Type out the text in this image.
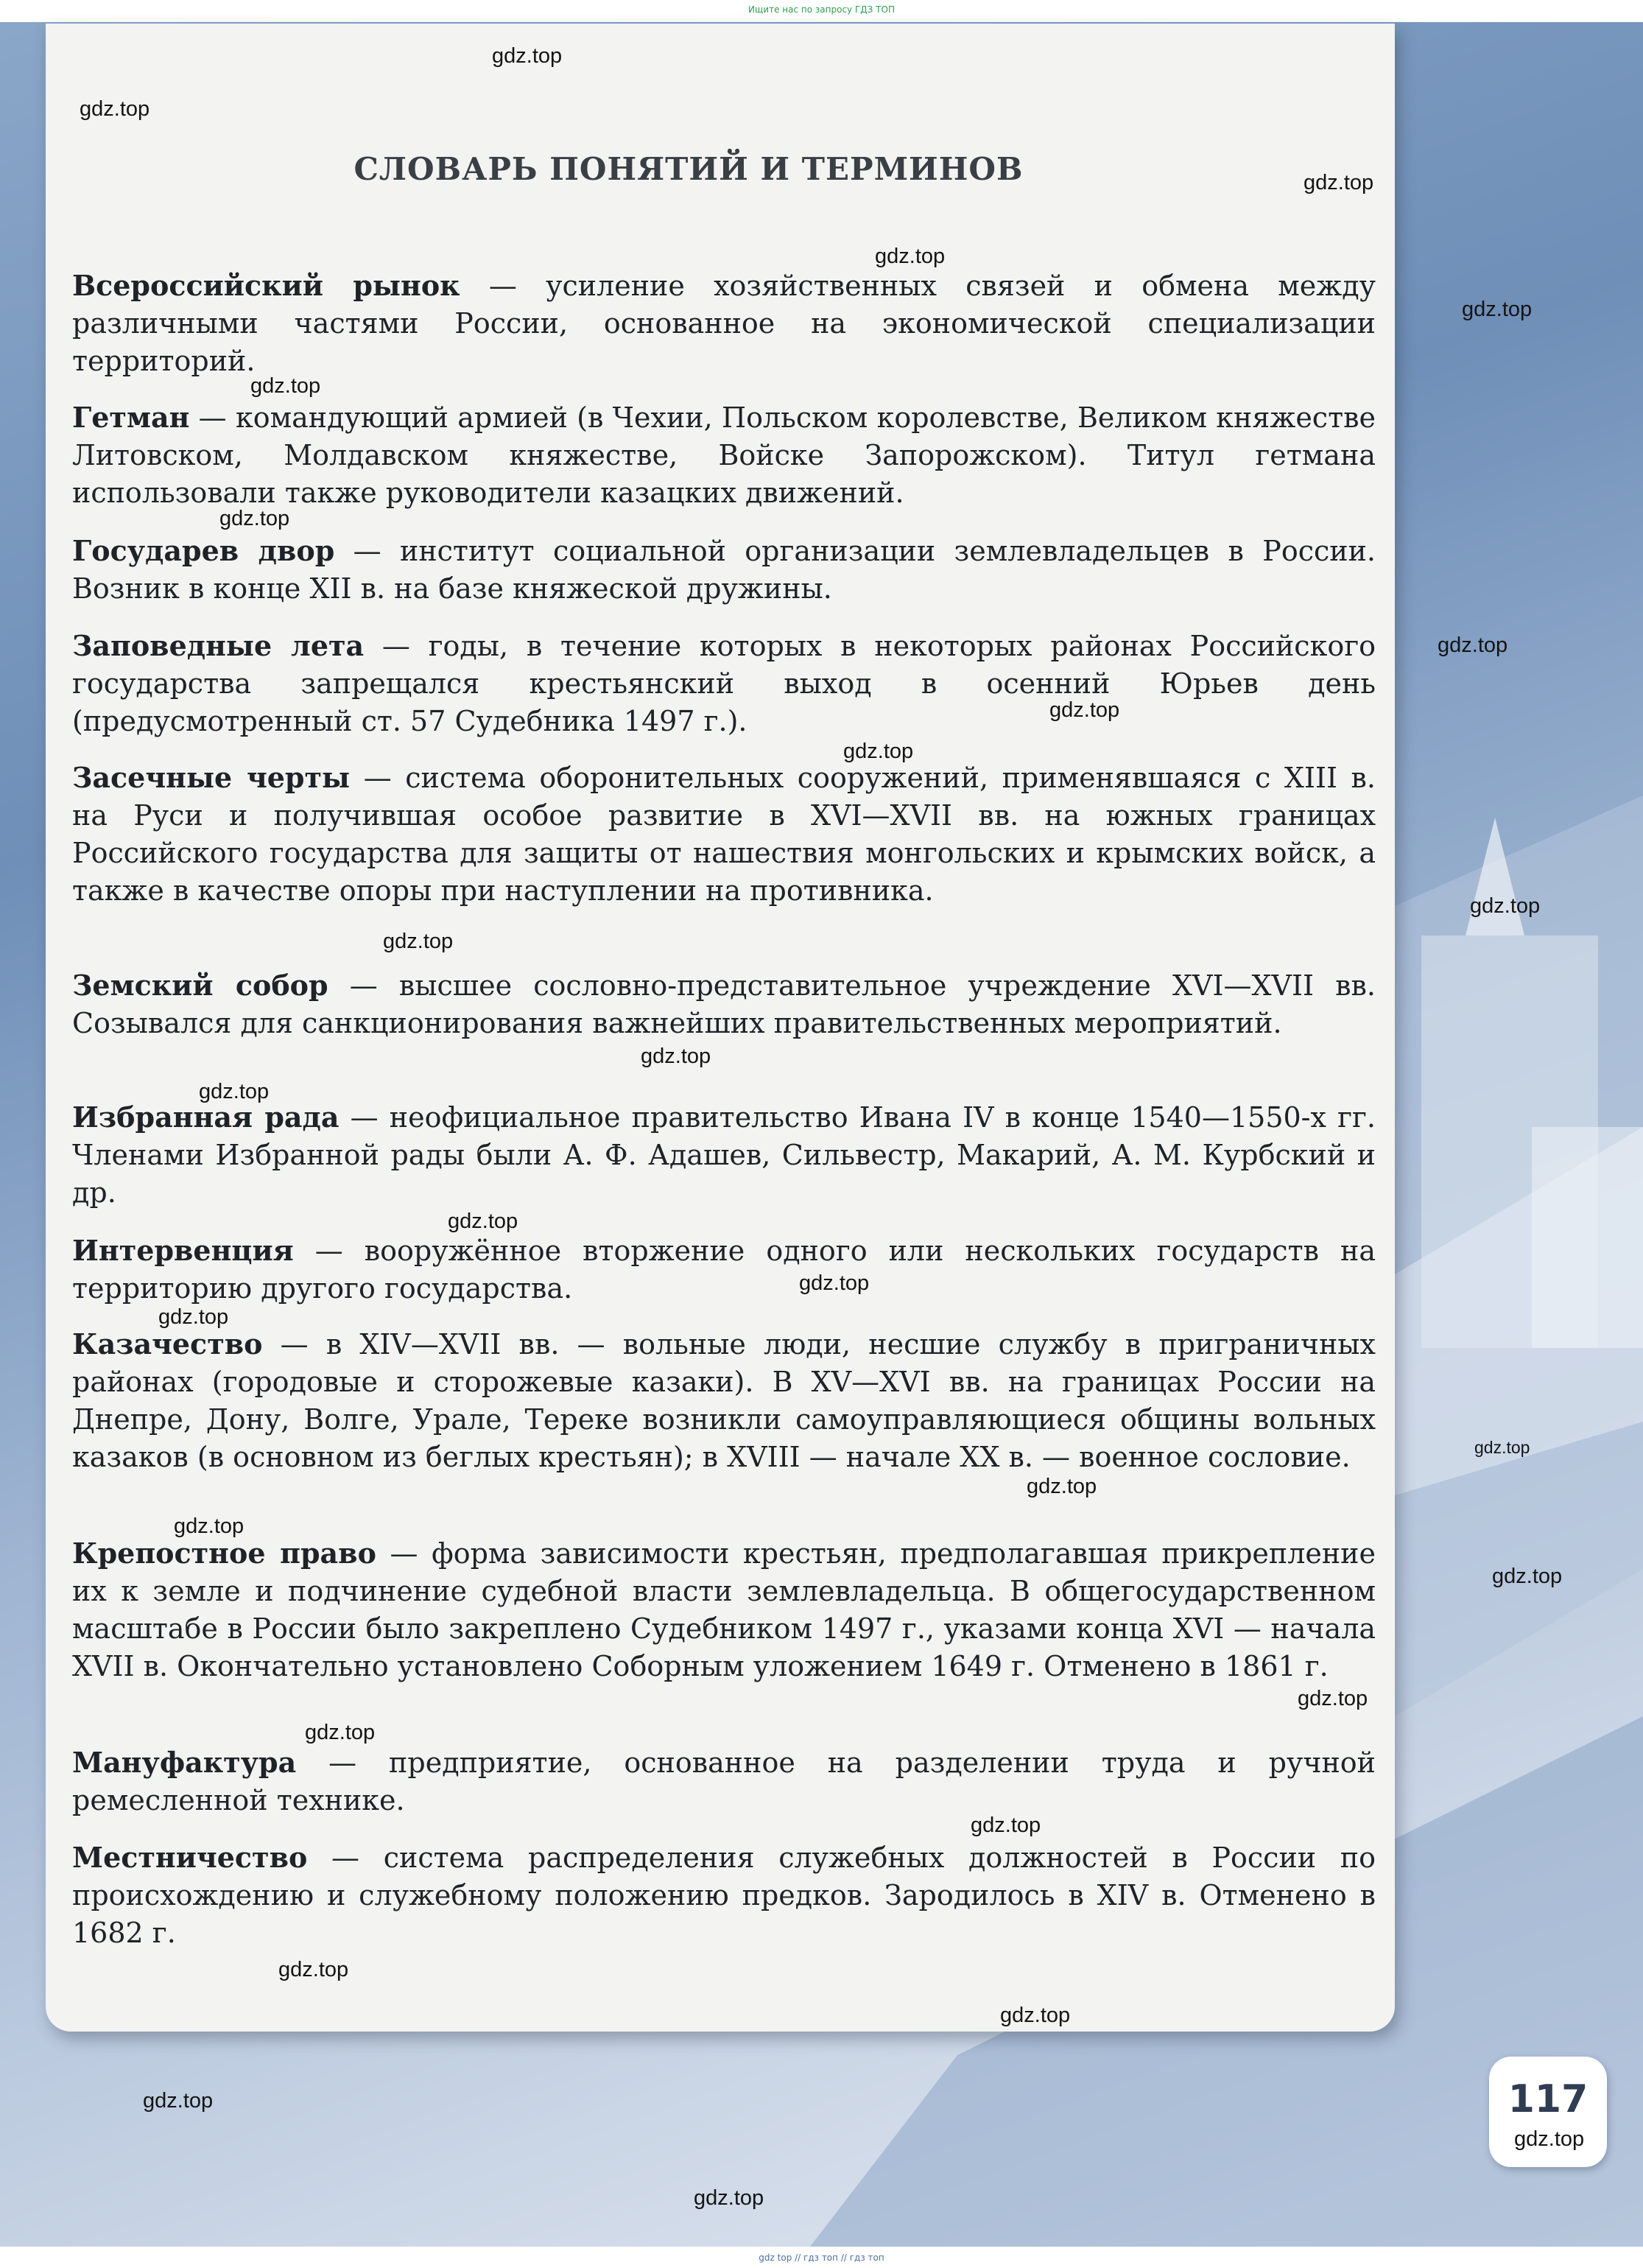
Ищите нас по запросу ГДЗ ТОП
СЛОВАРЬ ПОНЯТИЙ И ТЕРМИНОВ

Всероссийский рынок — усиление хозяйственных связей и обмена между различными частями России, основанное на экономической специализации территорий.

Гетман — командующий армией (в Чехии, Польском королевстве, Великом княжестве Литовском, Молдавском княжестве, Войске Запорожском). Титул гетмана использовали также руководители казацких движений.

Государев двор — институт социальной организации землевладельцев в России. Возник в конце XII в. на базе княжеской дружины.

Заповедные лета — годы, в течение которых в некоторых районах Российского государства запрещался крестьянский выход в осенний Юрьев день (предусмотренный ст. 57 Судебника 1497 г.).

Засечные черты — система оборонительных сооружений, применявшаяся с XIII в. на Руси и получившая особое развитие в XVI—XVII вв. на южных границах Российского государства для защиты от нашествия монгольских и крымских войск, а также в качестве опоры при наступлении на противника.

Земский собор — высшее сословно-представительное учреждение XVI—XVII вв. Созывался для санкционирования важнейших правительственных мероприятий.

Избранная рада — неофициальное правительство Ивана IV в конце 1540—1550-х гг. Членами Избранной рады были А. Ф. Адашев, Сильвестр, Макарий, А. М. Курбский и др.

Интервенция — вооружённое вторжение одного или нескольких государств на территорию другого государства.

Казачество — в XIV—XVII вв. — вольные люди, несшие службу в приграничных районах (городовые и сторожевые казаки). В XV—XVI вв. на границах России на Днепре, Дону, Волге, Урале, Тереке возникли самоуправляющиеся общины вольных казаков (в основном из беглых крестьян); в XVIII — начале XX в. — военное сословие.

Крепостное право — форма зависимости крестьян, предполагавшая прикрепление их к земле и подчинение судебной власти землевладельца. В общегосударственном масштабе в России было закреплено Судебником 1497 г., указами конца XVI — начала XVII в. Окончательно установлено Соборным уложением 1649 г. Отменено в 1861 г.

Мануфактура — предприятие, основанное на разделении труда и ручной ремесленной технике.

Местничество — система распределения служебных должностей в России по происхождению и служебному положению предков. Зародилось в XIV в. Отменено в 1682 г.

gdz.top
gdz.top
gdz.top
gdz.top
gdz.top
gdz.top
gdz.top
gdz.top
gdz.top
gdz.top
gdz.top
gdz.top
gdz.top
gdz.top
gdz.top
gdz.top
gdz.top
gdz.top
gdz.top
gdz.top
gdz.top
gdz.top
gdz.top
gdz.top
gdz.top
gdz.top
gdz.top
gdz.top
117
gdz.top
gdz top // гдз топ // гдз топ
